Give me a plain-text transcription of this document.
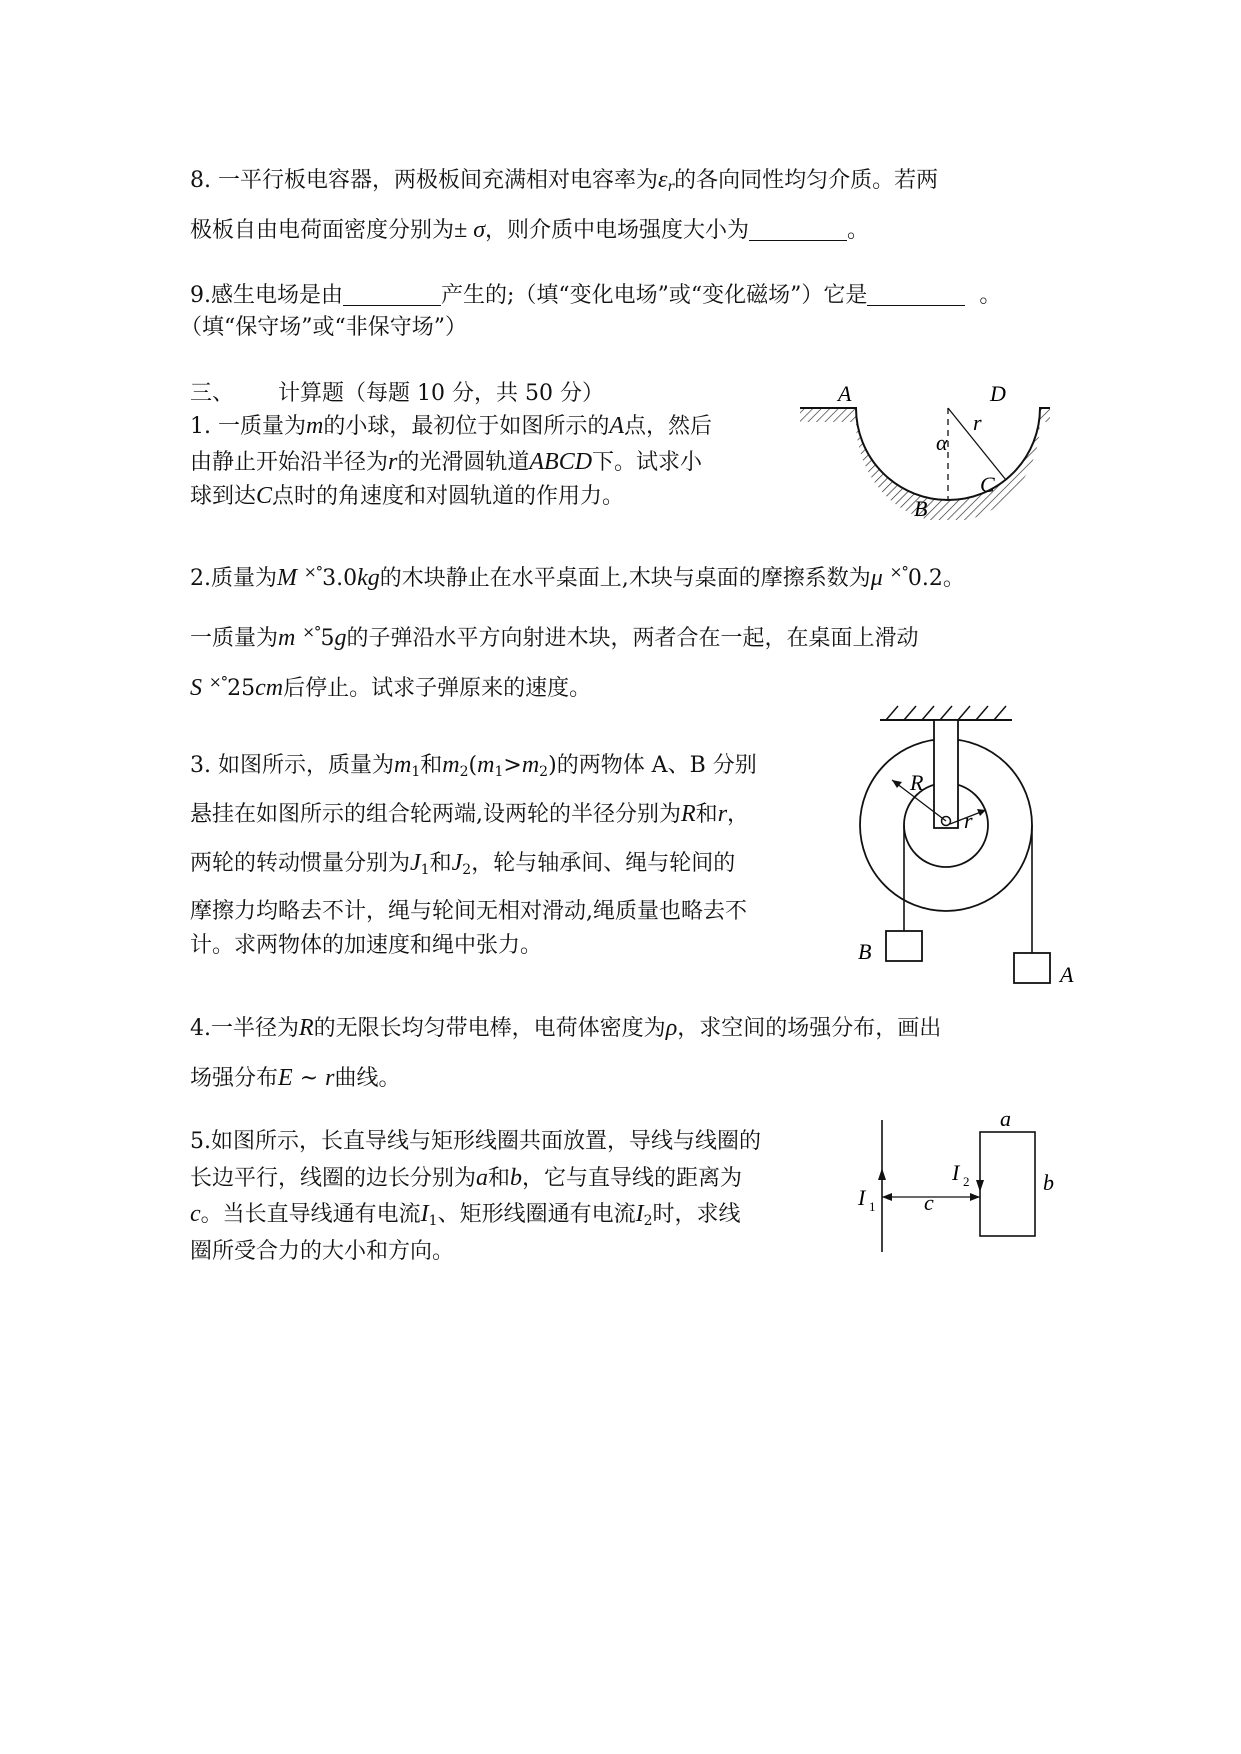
8. 一平行板电容器，两极板间充满相对电容率为$\varepsilon_r$的各向同性均匀介质。若两
极板自由电荷面密度分别为± σ，则介质中电场强度大小为	。
9.感生电场是由	产生的;（填“变化电场”或“变化磁场”）它是	。
（填“保守场”或“非保守场”）
三、 计算题（每题 10 分，共 50 分）
1. 一质量为m的小球，最初位于如图所示的A点，然后
由静止开始沿半径为r的光滑圆轨道ABCD下。试求小
球到达C点时的角速度和对圆轨道的作用力。
A	D
r
α
C
B
2.质量为M ×°3.0kg的木块静止在水平桌面上,木块与桌面的摩擦系数为μ ×°0.2。
一质量为m ×°5g的子弹沿水平方向射进木块，两者合在一起，在桌面上滑动
S ×°25cm后停止。试求子弹原来的速度。
3. 如图所示，质量为m1和m2(m1>m2)的两物体 A、B 分别
悬挂在如图所示的组合轮两端,设两轮的半径分别为R和r，
两轮的转动惯量分别为J1和J2，轮与轴承间、绳与轮间的
摩擦力均略去不计，绳与轮间无相对滑动,绳质量也略去不
计。求两物体的加速度和绳中张力。
R
r
B
A
4.一半径为R的无限长均匀带电棒，电荷体密度为ρ，求空间的场强分布，画出
场强分布E ~ r曲线。
5.如图所示，长直导线与矩形线圈共面放置，导线与线圈的
长边平行，线圈的边长分别为a和b，它与直导线的距离为
c。当长直导线通有电流I1、矩形线圈通有电流I2时，求线
圈所受合力的大小和方向。
I 1
I 2
c
a
b
